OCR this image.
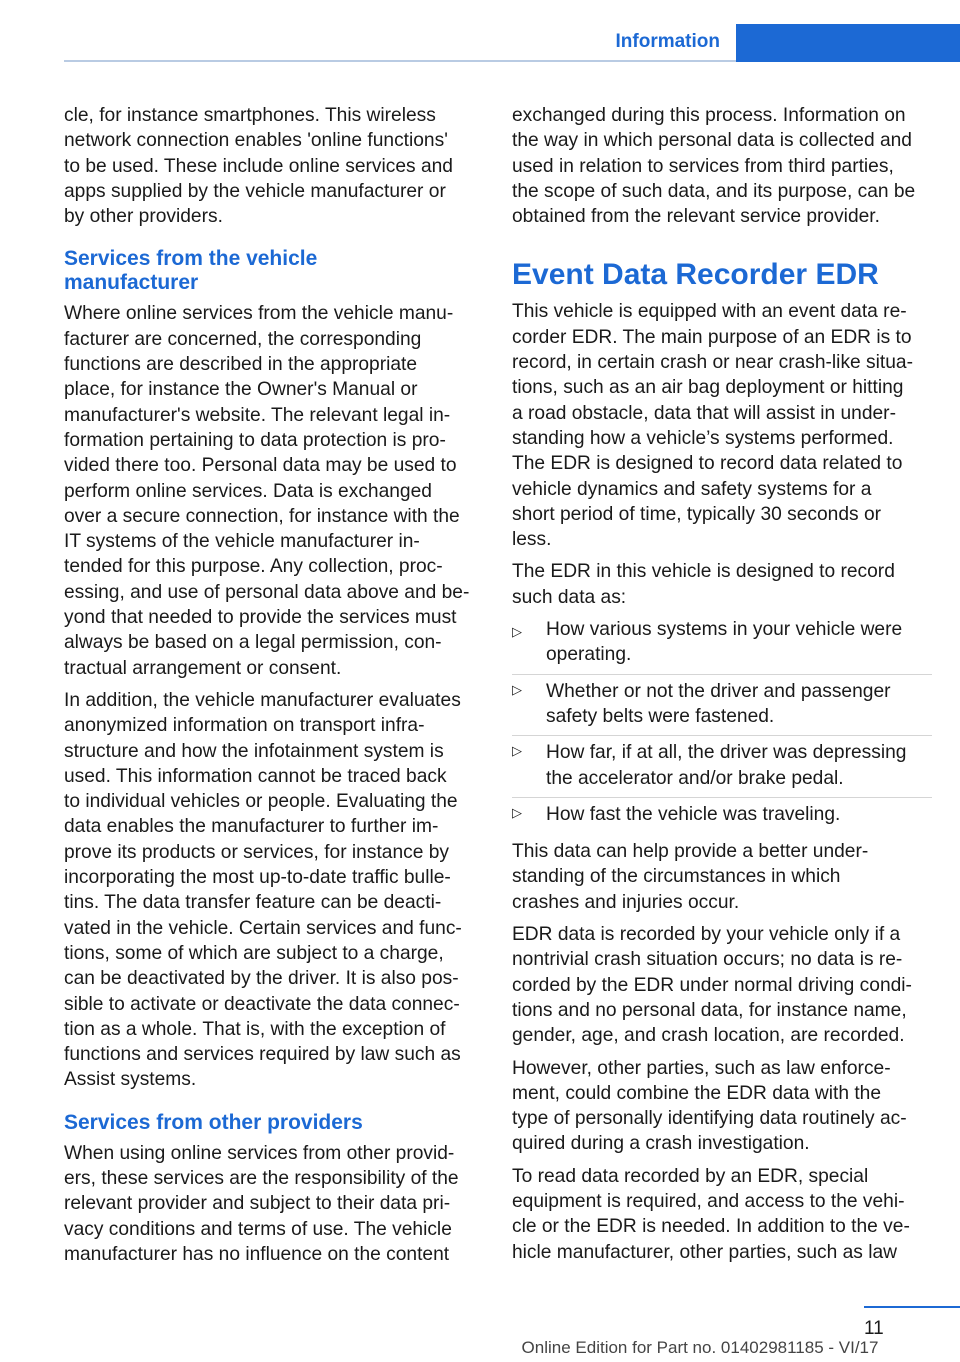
Information

cle, for instance smartphones. This wireless
network connection enables 'online functions'
to be used. These include online services and
apps supplied by the vehicle manufacturer or
by other providers.

Services from the vehicle
manufacturer

Where online services from the vehicle manu-
facturer are concerned, the corresponding
functions are described in the appropriate
place, for instance the Owner's Manual or
manufacturer's website. The relevant legal in-
formation pertaining to data protection is pro-
vided there too. Personal data may be used to
perform online services. Data is exchanged
over a secure connection, for instance with the
IT systems of the vehicle manufacturer in-
tended for this purpose. Any collection, proc-
essing, and use of personal data above and be-
yond that needed to provide the services must
always be based on a legal permission, con-
tractual arrangement or consent.

In addition, the vehicle manufacturer evaluates
anonymized information on transport infra-
structure and how the infotainment system is
used. This information cannot be traced back
to individual vehicles or people. Evaluating the
data enables the manufacturer to further im-
prove its products or services, for instance by
incorporating the most up-to-date traffic bulle-
tins. The data transfer feature can be deacti-
vated in the vehicle. Certain services and func-
tions, some of which are subject to a charge,
can be deactivated by the driver. It is also pos-
sible to activate or deactivate the data connec-
tion as a whole. That is, with the exception of
functions and services required by law such as
Assist systems.

Services from other providers

When using online services from other provid-
ers, these services are the responsibility of the
relevant provider and subject to their data pri-
vacy conditions and terms of use. The vehicle
manufacturer has no influence on the content

exchanged during this process. Information on
the way in which personal data is collected and
used in relation to services from third parties,
the scope of such data, and its purpose, can be
obtained from the relevant service provider.

Event Data Recorder EDR

This vehicle is equipped with an event data re-
corder EDR. The main purpose of an EDR is to
record, in certain crash or near crash-like situa-
tions, such as an air bag deployment or hitting
a road obstacle, data that will assist in under-
standing how a vehicle’s systems performed.
The EDR is designed to record data related to
vehicle dynamics and safety systems for a
short period of time, typically 30 seconds or
less.

The EDR in this vehicle is designed to record
such data as:

▷ How various systems in your vehicle were
operating.
▷ Whether or not the driver and passenger
safety belts were fastened.
▷ How far, if at all, the driver was depressing
the accelerator and/or brake pedal.
▷ How fast the vehicle was traveling.

This data can help provide a better under-
standing of the circumstances in which
crashes and injuries occur.

EDR data is recorded by your vehicle only if a
nontrivial crash situation occurs; no data is re-
corded by the EDR under normal driving condi-
tions and no personal data, for instance name,
gender, age, and crash location, are recorded.

However, other parties, such as law enforce-
ment, could combine the EDR data with the
type of personally identifying data routinely ac-
quired during a crash investigation.

To read data recorded by an EDR, special
equipment is required, and access to the vehi-
cle or the EDR is needed. In addition to the ve-
hicle manufacturer, other parties, such as law

11
Online Edition for Part no. 01402981185 - VI/17
